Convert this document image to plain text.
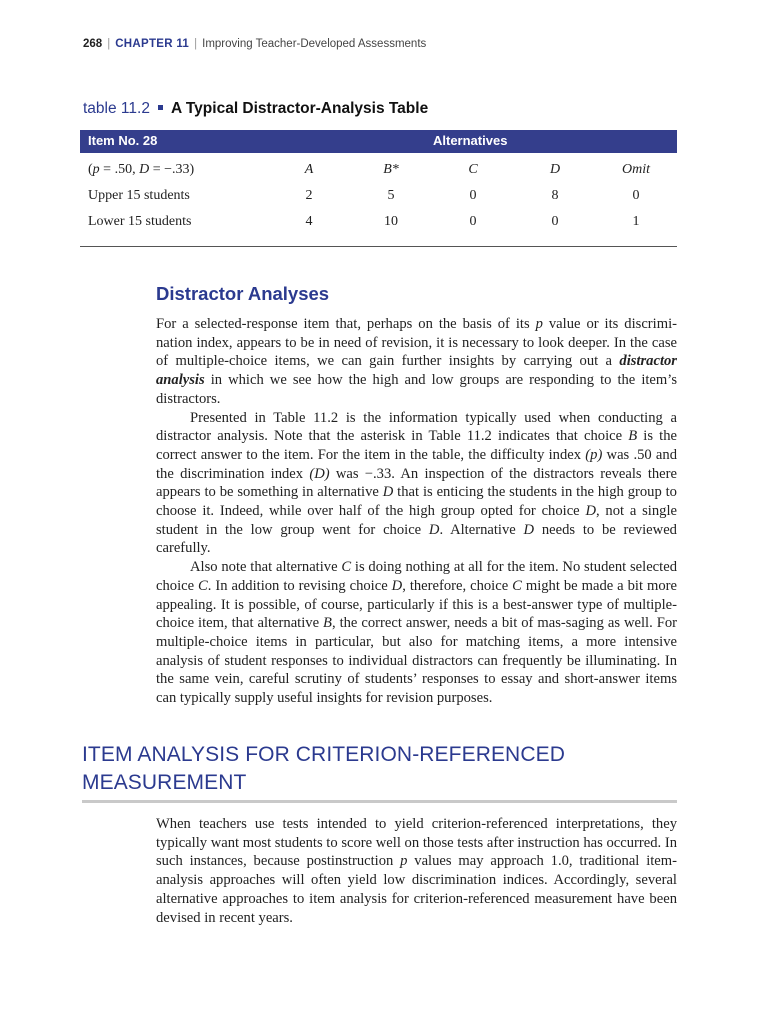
268 | CHAPTER 11 | Improving Teacher-Developed Assessments
table 11.2 A Typical Distractor-Analysis Table
Item No. 28	Alternatives
(p = .50, D = −.33)	A	B*	C	D	Omit
Upper 15 students	2	5	0	8	0
Lower 15 students	4	10	0	0	1
Distractor Analyses

For a selected-response item that, perhaps on the basis of its p value or its discrimi-nation index, appears to be in need of revision, it is necessary to look deeper. In the case of multiple-choice items, we can gain further insights by carrying out a distractor analysis in which we see how the high and low groups are responding to the item’s distractors.

Presented in Table 11.2 is the information typically used when conducting a distractor analysis. Note that the asterisk in Table 11.2 indicates that choice B is the correct answer to the item. For the item in the table, the difficulty index (p) was .50 and the discrimination index (D) was −.33. An inspection of the distractors reveals there appears to be something in alternative D that is enticing the students in the high group to choose it. Indeed, while over half of the high group opted for choice D, not a single student in the low group went for choice D. Alternative D needs to be reviewed carefully.

Also note that alternative C is doing nothing at all for the item. No student selected choice C. In addition to revising choice D, therefore, choice C might be made a bit more appealing. It is possible, of course, particularly if this is a best-answer type of multiple-choice item, that alternative B, the correct answer, needs a bit of mas-saging as well. For multiple-choice items in particular, but also for matching items, a more intensive analysis of student responses to individual distractors can frequently be illuminating. In the same vein, careful scrutiny of students’ responses to essay and short-answer items can typically supply useful insights for revision purposes.

ITEM ANALYSIS FOR CRITERION-REFERENCED
MEASUREMENT

When teachers use tests intended to yield criterion-referenced interpretations, they typically want most students to score well on those tests after instruction has occurred. In such instances, because postinstruction p values may approach 1.0, traditional item-analysis approaches will often yield low discrimination indices. Accordingly, several alternative approaches to item analysis for criterion-referenced measurement have been devised in recent years.
